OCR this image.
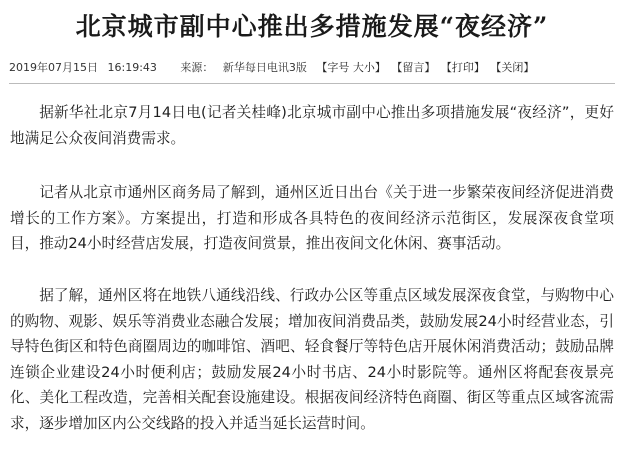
北京城市副中心推出多措施发展“夜经济”
2019年07月15日 16:19:43 来源： 新华每日电讯3版 【字号 大小】 【留言】 【打印】 【关闭】

据新华社北京7月14日电(记者关桂峰)北京城市副中心推出多项措施发展“夜经济”，更好地满足公众夜间消费需求。

记者从北京市通州区商务局了解到，通州区近日出台《关于进一步繁荣夜间经济促进消费增长的工作方案》。方案提出，打造和形成各具特色的夜间经济示范街区，发展深夜食堂项目，推动24小时经营店发展，打造夜间赏景，推出夜间文化休闲、赛事活动。

据了解，通州区将在地铁八通线沿线、行政办公区等重点区域发展深夜食堂，与购物中心的购物、观影、娱乐等消费业态融合发展；增加夜间消费品类，鼓励发展24小时经营业态，引导特色街区和特色商圈周边的咖啡馆、酒吧、轻食餐厅等特色店开展休闲消费活动；鼓励品牌连锁企业建设24小时便利店；鼓励发展24小时书店、24小时影院等。通州区将配套夜景亮化、美化工程改造，完善相关配套设施建设。根据夜间经济特色商圈、街区等重点区域客流需求，逐步增加区内公交线路的投入并适当延长运营时间。
